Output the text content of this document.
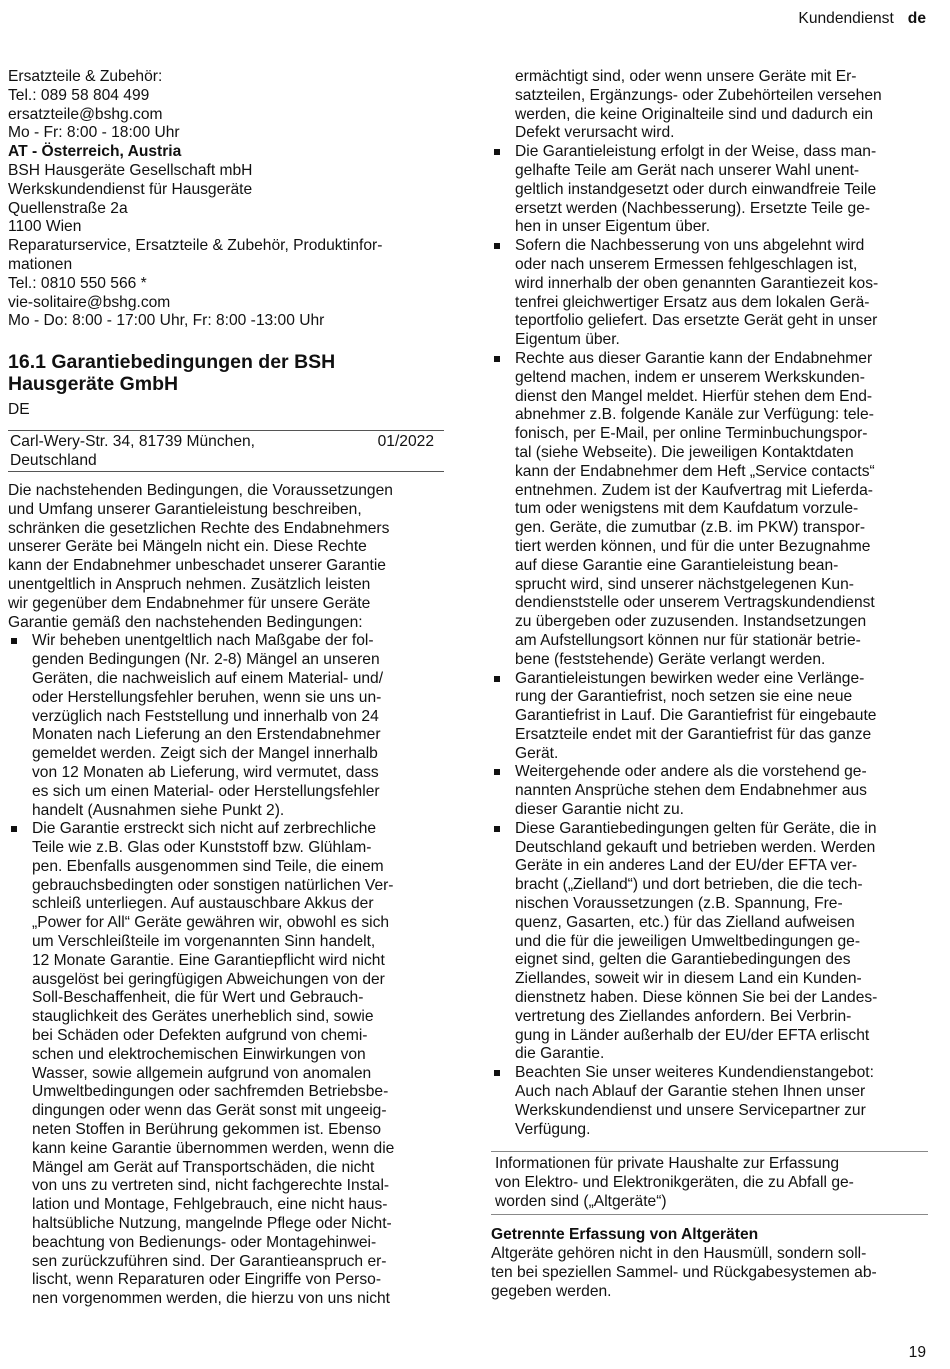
Kundendienst de
Ersatzteile & Zubehör:
Tel.: 089 58 804 499
ersatzteile@bshg.com
Mo - Fr: 8:00 - 18:00 Uhr
AT - Österreich, Austria
BSH Hausgeräte Gesellschaft mbH
Werkskundendienst für Hausgeräte
Quellenstraße 2a
1100 Wien
Reparaturservice, Ersatzteile & Zubehör, Produktinfor-
mationen
Tel.: 0810 550 566 *
vie-solitaire@bshg.com
Mo - Do: 8:00 - 17:00 Uhr, Fr: 8:00 -13:00 Uhr
16.1 Garantiebedingungen der BSH
Hausgeräte GmbH
DE
Carl-Wery-Str. 34, 81739 München,
Deutschland
01/2022
Die nachstehenden Bedingungen, die Voraussetzungen
und Umfang unserer Garantieleistung beschreiben,
schränken die gesetzlichen Rechte des Endabnehmers
unserer Geräte bei Mängeln nicht ein. Diese Rechte
kann der Endabnehmer unbeschadet unserer Garantie
unentgeltlich in Anspruch nehmen. Zusätzlich leisten
wir gegenüber dem Endabnehmer für unsere Geräte
Garantie gemäß den nachstehenden Bedingungen:
Wir beheben unentgeltlich nach Maßgabe der fol-
genden Bedingungen (Nr. 2-8) Mängel an unseren
Geräten, die nachweislich auf einem Material- und/
oder Herstellungsfehler beruhen, wenn sie uns un-
verzüglich nach Feststellung und innerhalb von 24
Monaten nach Lieferung an den Erstendabnehmer
gemeldet werden. Zeigt sich der Mangel innerhalb
von 12 Monaten ab Lieferung, wird vermutet, dass
es sich um einen Material- oder Herstellungsfehler
handelt (Ausnahmen siehe Punkt 2).
Die Garantie erstreckt sich nicht auf zerbrechliche
Teile wie z.B. Glas oder Kunststoff bzw. Glühlam-
pen. Ebenfalls ausgenommen sind Teile, die einem
gebrauchsbedingten oder sonstigen natürlichen Ver-
schleiß unterliegen. Auf austauschbare Akkus der
„Power for All“ Geräte gewähren wir, obwohl es sich
um Verschleißteile im vorgenannten Sinn handelt,
12 Monate Garantie. Eine Garantiepflicht wird nicht
ausgelöst bei geringfügigen Abweichungen von der
Soll-Beschaffenheit, die für Wert und Gebrauch-
stauglichkeit des Gerätes unerheblich sind, sowie
bei Schäden oder Defekten aufgrund von chemi-
schen und elektrochemischen Einwirkungen von
Wasser, sowie allgemein aufgrund von anomalen
Umweltbedingungen oder sachfremden Betriebsbe-
dingungen oder wenn das Gerät sonst mit ungeeig-
neten Stoffen in Berührung gekommen ist. Ebenso
kann keine Garantie übernommen werden, wenn die
Mängel am Gerät auf Transportschäden, die nicht
von uns zu vertreten sind, nicht fachgerechte Instal-
lation und Montage, Fehlgebrauch, eine nicht haus-
haltsübliche Nutzung, mangelnde Pflege oder Nicht-
beachtung von Bedienungs- oder Montagehinwei-
sen zurückzuführen sind. Der Garantieanspruch er-
lischt, wenn Reparaturen oder Eingriffe von Perso-
nen vorgenommen werden, die hierzu von uns nicht
ermächtigt sind, oder wenn unsere Geräte mit Er-
satzteilen, Ergänzungs- oder Zubehörteilen versehen
werden, die keine Originalteile sind und dadurch ein
Defekt verursacht wird.
Die Garantieleistung erfolgt in der Weise, dass man-
gelhafte Teile am Gerät nach unserer Wahl unent-
geltlich instandgesetzt oder durch einwandfreie Teile
ersetzt werden (Nachbesserung). Ersetzte Teile ge-
hen in unser Eigentum über.
Sofern die Nachbesserung von uns abgelehnt wird
oder nach unserem Ermessen fehlgeschlagen ist,
wird innerhalb der oben genannten Garantiezeit kos-
tenfrei gleichwertiger Ersatz aus dem lokalen Gerä-
teportfolio geliefert. Das ersetzte Gerät geht in unser
Eigentum über.
Rechte aus dieser Garantie kann der Endabnehmer
geltend machen, indem er unserem Werkskunden-
dienst den Mangel meldet. Hierfür stehen dem End-
abnehmer z.B. folgende Kanäle zur Verfügung: tele-
fonisch, per E-Mail, per online Terminbuchungspor-
tal (siehe Webseite). Die jeweiligen Kontaktdaten
kann der Endabnehmer dem Heft „Service contacts“
entnehmen. Zudem ist der Kaufvertrag mit Lieferda-
tum oder wenigstens mit dem Kaufdatum vorzule-
gen. Geräte, die zumutbar (z.B. im PKW) transpor-
tiert werden können, und für die unter Bezugnahme
auf diese Garantie eine Garantieleistung bean-
sprucht wird, sind unserer nächstgelegenen Kun-
dendienststelle oder unserem Vertragskundendienst
zu übergeben oder zuzusenden. Instandsetzungen
am Aufstellungsort können nur für stationär betrie-
bene (feststehende) Geräte verlangt werden.
Garantieleistungen bewirken weder eine Verlänge-
rung der Garantiefrist, noch setzen sie eine neue
Garantiefrist in Lauf. Die Garantiefrist für eingebaute
Ersatzteile endet mit der Garantiefrist für das ganze
Gerät.
Weitergehende oder andere als die vorstehend ge-
nannten Ansprüche stehen dem Endabnehmer aus
dieser Garantie nicht zu.
Diese Garantiebedingungen gelten für Geräte, die in
Deutschland gekauft und betrieben werden. Werden
Geräte in ein anderes Land der EU/der EFTA ver-
bracht („Zielland“) und dort betrieben, die die tech-
nischen Voraussetzungen (z.B. Spannung, Fre-
quenz, Gasarten, etc.) für das Zielland aufweisen
und die für die jeweiligen Umweltbedingungen ge-
eignet sind, gelten die Garantiebedingungen des
Ziellandes, soweit wir in diesem Land ein Kunden-
dienstnetz haben. Diese können Sie bei der Landes-
vertretung des Ziellandes anfordern. Bei Verbrin-
gung in Länder außerhalb der EU/der EFTA erlischt
die Garantie.
Beachten Sie unser weiteres Kundendienstangebot:
Auch nach Ablauf der Garantie stehen Ihnen unser
Werkskundendienst und unsere Servicepartner zur
Verfügung.
Informationen für private Haushalte zur Erfassung
von Elektro- und Elektronikgeräten, die zu Abfall ge-
worden sind („Altgeräte“)
Getrennte Erfassung von Altgeräten
Altgeräte gehören nicht in den Hausmüll, sondern soll-
ten bei speziellen Sammel- und Rückgabesystemen ab-
gegeben werden.
19
